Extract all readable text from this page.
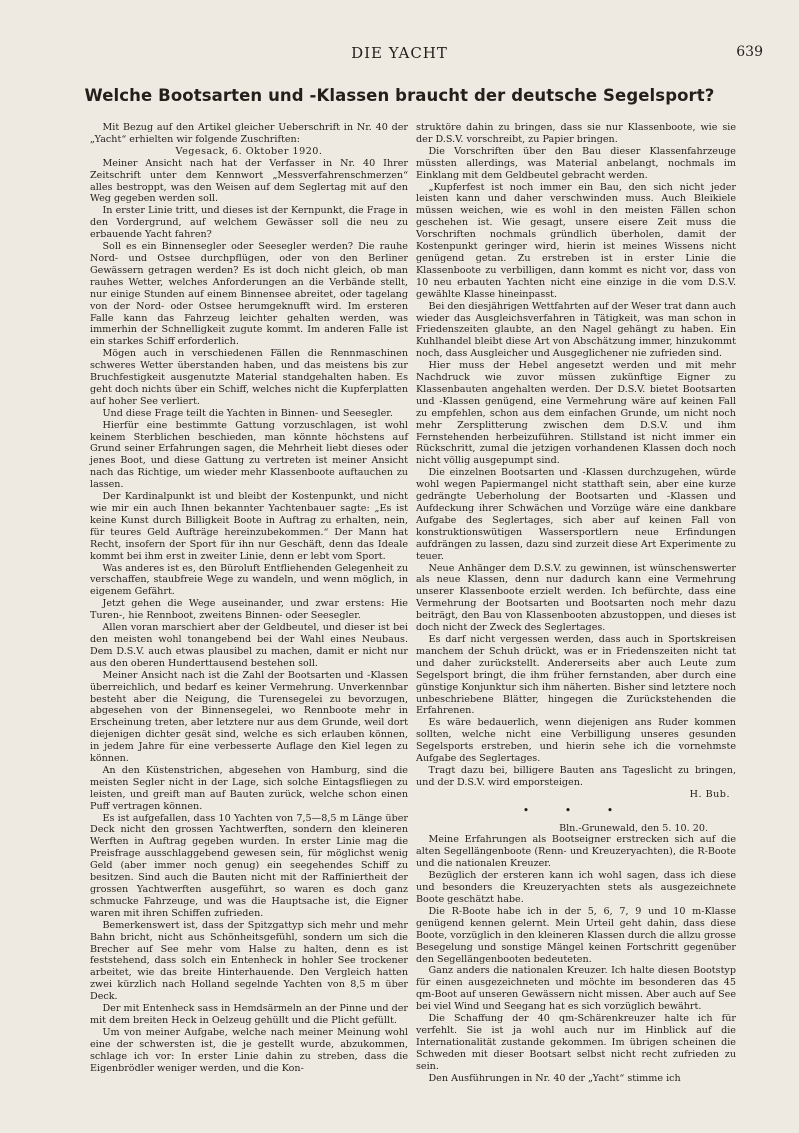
DIE YACHT	639
Welche Bootsarten und -Klassen braucht der deutsche Segelsport?

Mit Bezug auf den Artikel gleicher Ueberschrift in Nr. 40 der „Yacht“ erhielten wir folgende Zuschriften:

Vegesack, 6. Oktober 1920.

Meiner Ansicht nach hat der Verfasser in Nr. 40 Ihrer Zeitschrift unter dem Kennwort „Messverfahrenschmerzen“ alles bestroppt, was den Weisen auf dem Seglertag mit auf den Weg gegeben werden soll.

In erster Linie tritt, und dieses ist der Kernpunkt, die Frage in den Vordergrund, auf welchem Gewässer soll die neu zu erbauende Yacht fahren?

Soll es ein Binnensegler oder Seesegler werden? Die rauhe Nord- und Ostsee durchpflügen, oder von den Berliner Gewässern getragen werden? Es ist doch nicht gleich, ob man rauhes Wetter, welches Anforderungen an die Verbände stellt, nur einige Stunden auf einem Binnensee abreitet, oder tagelang von der Nord- oder Ostsee herumgeknufft wird. Im ersteren Falle kann das Fahrzeug leichter gehalten werden, was immerhin der Schnelligkeit zugute kommt. Im anderen Falle ist ein starkes Schiff erforderlich.

Mögen auch in verschiedenen Fällen die Rennmaschinen schweres Wetter überstanden haben, und das meistens bis zur Bruchfestigkeit ausgenutzte Material standgehalten haben. Es geht doch nichts über ein Schiff, welches nicht die Kupferplatten auf hoher See verliert.

Und diese Frage teilt die Yachten in Binnen- und Seesegler.

Hierfür eine bestimmte Gattung vorzuschlagen, ist wohl keinem Sterblichen beschieden, man könnte höchstens auf Grund seiner Erfahrungen sagen, die Mehrheit liebt dieses oder jenes Boot, und diese Gattung zu vertreten ist meiner Ansicht nach das Richtige, um wieder mehr Klassenboote auftauchen zu lassen.

Der Kardinalpunkt ist und bleibt der Kostenpunkt, und nicht wie mir ein auch Ihnen bekannter Yachtenbauer sagte: „Es ist keine Kunst durch Billigkeit Boote in Auftrag zu erhalten, nein, für teures Geld Aufträge hereinzubekommen.“ Der Mann hat Recht, insofern der Sport für ihn nur Geschäft, denn das Ideale kommt bei ihm erst in zweiter Linie, denn er lebt vom Sport.

Was anderes ist es, den Büroluft Entfliehenden Gelegenheit zu verschaffen, staubfreie Wege zu wandeln, und wenn möglich, in eigenem Gefährt.

Jetzt gehen die Wege auseinander, und zwar erstens: Hie Turen-, hie Rennboot, zweitens Binnen- oder Seesegler.

Allen voran marschiert aber der Geldbeutel, und dieser ist bei den meisten wohl tonangebend bei der Wahl eines Neubaus. Dem D.S.V. auch etwas plausibel zu machen, damit er nicht nur aus den oberen Hunderttausend bestehen soll.

Meiner Ansicht nach ist die Zahl der Bootsarten und -Klassen überreichlich, und bedarf es keiner Vermehrung. Unverkennbar besteht aber die Neigung, die Turensegelei zu bevorzugen, abgesehen von der Binnensegelei, wo Rennboote mehr in Erscheinung treten, aber letztere nur aus dem Grunde, weil dort diejenigen dichter gesät sind, welche es sich erlauben können, in jedem Jahre für eine verbesserte Auflage den Kiel legen zu können.

An den Küstenstrichen, abgesehen von Hamburg, sind die meisten Segler nicht in der Lage, sich solche Eintagsfliegen zu leisten, und greift man auf Bauten zurück, welche schon einen Puff vertragen können.

Es ist aufgefallen, dass 10 Yachten von 7,5—8,5 m Länge über Deck nicht den grossen Yachtwerften, sondern den kleineren Werften in Auftrag gegeben wurden. In erster Linie mag die Preisfrage ausschlaggebend gewesen sein, für möglichst wenig Geld (aber immer noch genug) ein seegehendes Schiff zu besitzen. Sind auch die Bauten nicht mit der Raffiniertheit der grossen Yachtwerften ausgeführt, so waren es doch ganz schmucke Fahrzeuge, und was die Hauptsache ist, die Eigner waren mit ihren Schiffen zufrieden.

Bemerkenswert ist, dass der Spitzgattyp sich mehr und mehr Bahn bricht, nicht aus Schönheitsgefühl, sondern um sich die Brecher auf See mehr vom Halse zu halten, denn es ist feststehend, dass solch ein Entenheck in hohler See trockener arbeitet, wie das breite Hinterhauende. Den Vergleich hatten zwei kürzlich nach Holland segelnde Yachten von 8,5 m über Deck.

Der mit Entenheck sass in Hemdsärmeln an der Pinne und der mit dem breiten Heck in Oelzeug gehüllt und die Plicht gefüllt.

Um von meiner Aufgabe, welche nach meiner Meinung wohl eine der schwersten ist, die je gestellt wurde, abzukommen, schlage ich vor: In erster Linie dahin zu streben, dass die Eigenbrödler weniger werden, und die Kon-

struktöre dahin zu bringen, dass sie nur Klassenboote, wie sie der D.S.V. vorschreibt, zu Papier bringen.

Die Vorschriften über den Bau dieser Klassenfahrzeuge müssten allerdings, was Material anbelangt, nochmals im Einklang mit dem Geldbeutel gebracht werden.

„Kupferfest ist noch immer ein Bau, den sich nicht jeder leisten kann und daher verschwinden muss. Auch Bleikiele müssen weichen, wie es wohl in den meisten Fällen schon geschehen ist. Wie gesagt, unsere eisere Zeit muss die Vorschriften nochmals gründlich überholen, damit der Kostenpunkt geringer wird, hierin ist meines Wissens nicht genügend getan. Zu erstreben ist in erster Linie die Klassenboote zu verbilligen, dann kommt es nicht vor, dass von 10 neu erbauten Yachten nicht eine einzige in die vom D.S.V. gewählte Klasse hineinpasst.

Bei den diesjährigen Wettfahrten auf der Weser trat dann auch wieder das Ausgleichsverfahren in Tätigkeit, was man schon in Friedenszeiten glaubte, an den Nagel gehängt zu haben. Ein Kuhlhandel bleibt diese Art von Abschätzung immer, hinzukommt noch, dass Ausgleicher und Ausgeglichener nie zufrieden sind.

Hier muss der Hebel angesetzt werden und mit mehr Nachdruck wie zuvor müssen zukünftige Eigner zu Klassenbauten angehalten werden. Der D.S.V. bietet Bootsarten und -Klassen genügend, eine Vermehrung wäre auf keinen Fall zu empfehlen, schon aus dem einfachen Grunde, um nicht noch mehr Zersplitterung zwischen dem D.S.V. und ihm Fernstehenden herbeizuführen. Stillstand ist nicht immer ein Rückschritt, zumal die jetzigen vorhandenen Klassen doch noch nicht völlig ausgepumpt sind.

Die einzelnen Bootsarten und -Klassen durchzugehen, würde wohl wegen Papiermangel nicht statthaft sein, aber eine kurze gedrängte Ueberholung der Bootsarten und -Klassen und Aufdeckung ihrer Schwächen und Vorzüge wäre eine dankbare Aufgabe des Seglertages, sich aber auf keinen Fall von konstruktionswütigen Wassersportlern neue Erfindungen aufdrängen zu lassen, dazu sind zurzeit diese Art Experimente zu teuer.

Neue Anhänger dem D.S.V. zu gewinnen, ist wünschenswerter als neue Klassen, denn nur dadurch kann eine Vermehrung unserer Klassenboote erzielt werden. Ich befürchte, dass eine Vermehrung der Bootsarten und Bootsarten noch mehr dazu beiträgt, den Bau von Klassenbooten abzustoppen, und dieses ist doch nicht der Zweck des Seglertages.

Es darf nicht vergessen werden, dass auch in Sportskreisen manchem der Schuh drückt, was er in Friedenszeiten nicht tat und daher zurückstellt. Andererseits aber auch Leute zum Segelsport bringt, die ihm früher fernstanden, aber durch eine günstige Konjunktur sich ihm näherten. Bisher sind letztere noch unbeschriebene Blätter, hingegen die Zurückstehenden die Erfahrenen.

Es wäre bedauerlich, wenn diejenigen ans Ruder kommen sollten, welche nicht eine Verbilligung unseres gesunden Segelsports erstreben, und hierin sehe ich die vornehmste Aufgabe des Seglertages.

Tragt dazu bei, billigere Bauten ans Tageslicht zu bringen, und der D.S.V. wird emporsteigen.

H. Bub.

• • •

Bln.-Grunewald, den 5. 10. 20.

Meine Erfahrungen als Bootseigner erstrecken sich auf die alten Segellängenboote (Renn- und Kreuzeryachten), die R-Boote und die nationalen Kreuzer.

Bezüglich der ersteren kann ich wohl sagen, dass ich diese und besonders die Kreuzeryachten stets als ausgezeichnete Boote geschätzt habe.

Die R-Boote habe ich in der 5, 6, 7, 9 und 10 m-Klasse genügend kennen gelernt. Mein Urteil geht dahin, dass diese Boote, vorzüglich in den kleineren Klassen durch die allzu grosse Besegelung und sonstige Mängel keinen Fortschritt gegenüber den Segellängenbooten bedeuteten.

Ganz anders die nationalen Kreuzer. Ich halte diesen Bootstyp für einen ausgezeichneten und möchte im besonderen das 45 qm-Boot auf unseren Gewässern nicht missen. Aber auch auf See bei viel Wind und Seegang hat es sich vorzüglich bewährt.

Die Schaffung der 40 qm-Schärenkreuzer halte ich für verfehlt. Sie ist ja wohl auch nur im Hinblick auf die Internationalität zustande gekommen. Im übrigen scheinen die Schweden mit dieser Bootsart selbst nicht recht zufrieden zu sein.

Den Ausführungen in Nr. 40 der „Yacht“ stimme ich
